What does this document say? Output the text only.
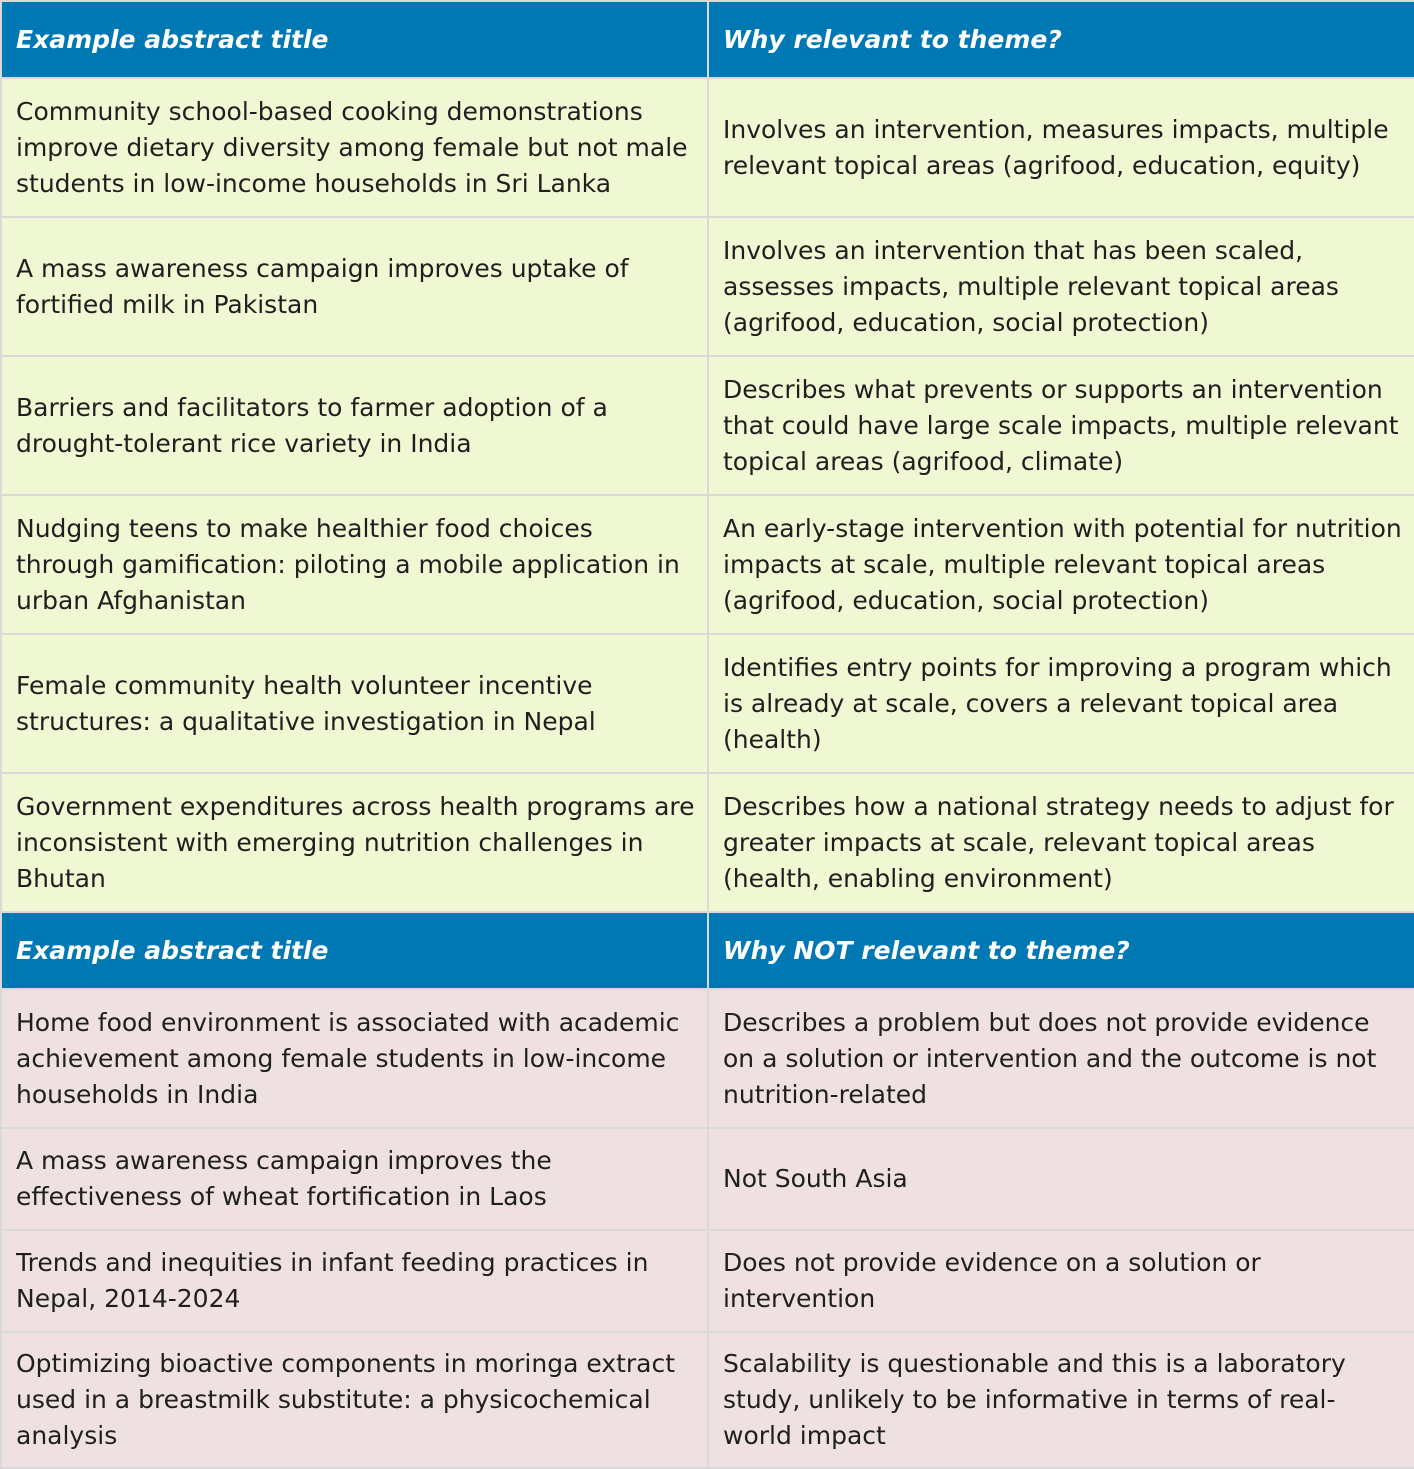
Example abstract title	Why relevant to theme?
Community school-based cooking demonstrations improve dietary diversity among female but not male students in low-income households in Sri Lanka	Involves an intervention, measures impacts, multiple relevant topical areas (agrifood, education, equity)
A mass awareness campaign improves uptake of fortified milk in Pakistan	Involves an intervention that has been scaled, assesses impacts, multiple relevant topical areas (agrifood, education, social protection)
Barriers and facilitators to farmer adoption of a drought-tolerant rice variety in India	Describes what prevents or supports an intervention that could have large scale impacts, multiple relevant topical areas (agrifood, climate)
Nudging teens to make healthier food choices through gamification: piloting a mobile application in urban Afghanistan	An early-stage intervention with potential for nutrition impacts at scale, multiple relevant topical areas (agrifood, education, social protection)
Female community health volunteer incentive structures: a qualitative investigation in Nepal	Identifies entry points for improving a program which is already at scale, covers a relevant topical area (health)
Government expenditures across health programs are inconsistent with emerging nutrition challenges in Bhutan	Describes how a national strategy needs to adjust for greater impacts at scale, relevant topical areas (health, enabling environment)
Example abstract title	Why NOT relevant to theme?
Home food environment is associated with academic achievement among female students in low-income households in India	Describes a problem but does not provide evidence on a solution or intervention and the outcome is not nutrition-related
A mass awareness campaign improves the effectiveness of wheat fortification in Laos	Not South Asia
Trends and inequities in infant feeding practices in Nepal, 2014-2024	Does not provide evidence on a solution or intervention
Optimizing bioactive components in moringa extract used in a breastmilk substitute: a physicochemical analysis	Scalability is questionable and this is a laboratory study, unlikely to be informative in terms of real-world impact
